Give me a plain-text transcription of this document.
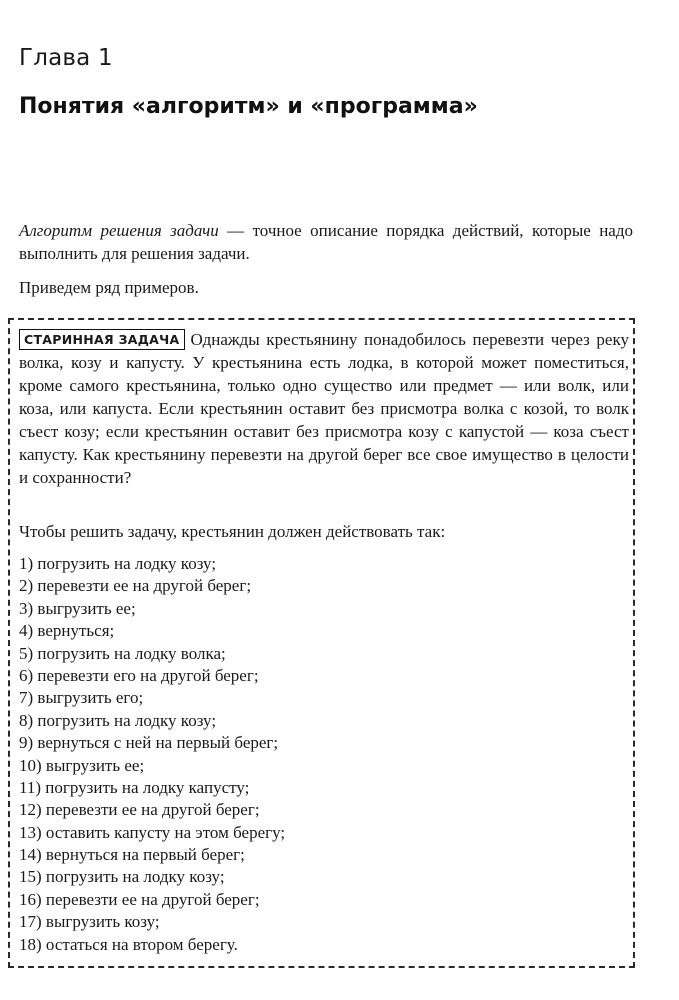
Глава 1
Понятия «алгоритм» и «программа»

Алгоритм решения задачи — точное описание порядка действий, которые надо выполнить для решения задачи.

Приведем ряд примеров.

СТАРИННАЯ ЗАДАЧА Однажды крестьянину понадобилось перевезти через реку волка, козу и капусту. У крестьянина есть лодка, в которой может поместиться, кроме самого крестьянина, только одно существо или предмет — или волк, или коза, или капуста. Если крестьянин оставит без присмотра волка с козой, то волк съест козу; если крестьянин оставит без присмотра козу с капустой — коза съест капусту. Как крестьянину перевезти на другой берег все свое имущество в целости и сохранности?

Чтобы решить задачу, крестьянин должен действовать так:

1) погрузить на лодку козу;
2) перевезти ее на другой берег;
3) выгрузить ее;
4) вернуться;
5) погрузить на лодку волка;
6) перевезти его на другой берег;
7) выгрузить его;
8) погрузить на лодку козу;
9) вернуться с ней на первый берег;
10) выгрузить ее;
11) погрузить на лодку капусту;
12) перевезти ее на другой берег;
13) оставить капусту на этом берегу;
14) вернуться на первый берег;
15) погрузить на лодку козу;
16) перевезти ее на другой берег;
17) выгрузить козу;
18) остаться на втором берегу.
